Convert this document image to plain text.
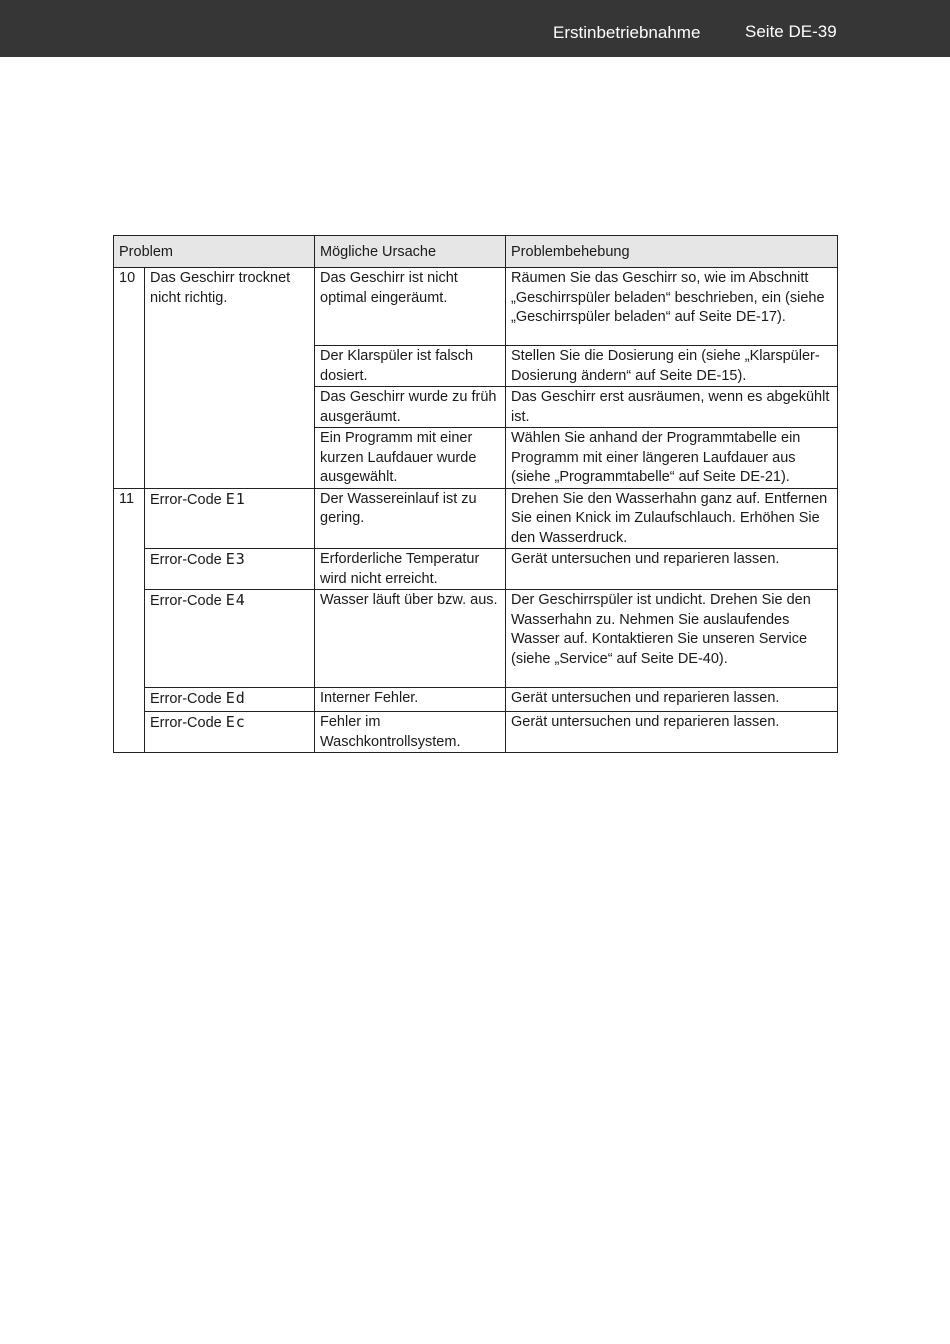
Erstinbetriebnahme	Seite DE-39
Problem		Mögliche Ursache	Problembehebung
10	Das Geschirr trocknet nicht richtig.	Das Geschirr ist nicht optimal eingeräumt.	Räumen Sie das Geschirr so, wie im Abschnitt „Geschirrspüler beladen“ beschrieben, ein (siehe „Geschirrspüler beladen“ auf Seite DE-17).
		Der Klarspüler ist falsch dosiert.	Stellen Sie die Dosierung ein (siehe „Klarspüler-Dosierung ändern“ auf Seite DE-15).
		Das Geschirr wurde zu früh ausgeräumt.	Das Geschirr erst ausräumen, wenn es abgekühlt ist.
		Ein Programm mit einer kurzen Laufdauer wurde ausgewählt.	Wählen Sie anhand der Programmtabelle ein Programm mit einer längeren Laufdauer aus (siehe „Programmtabelle“ auf Seite DE-21).
11	Error-Code E1	Der Wassereinlauf ist zu gering.	Drehen Sie den Wasserhahn ganz auf. Entfernen Sie einen Knick im Zulaufschlauch. Erhöhen Sie den Wasserdruck.
	Error-Code E3	Erforderliche Temperatur wird nicht erreicht.	Gerät untersuchen und reparieren lassen.
	Error-Code E4	Wasser läuft über bzw. aus.	Der Geschirrspüler ist undicht. Drehen Sie den Wasserhahn zu. Nehmen Sie auslaufendes Wasser auf. Kontaktieren Sie unseren Service (siehe „Service“ auf Seite DE-40).
	Error-Code Ed	Interner Fehler.	Gerät untersuchen und reparieren lassen.
	Error-Code Ec	Fehler im Waschkontrollsystem.	Gerät untersuchen und reparieren lassen.
